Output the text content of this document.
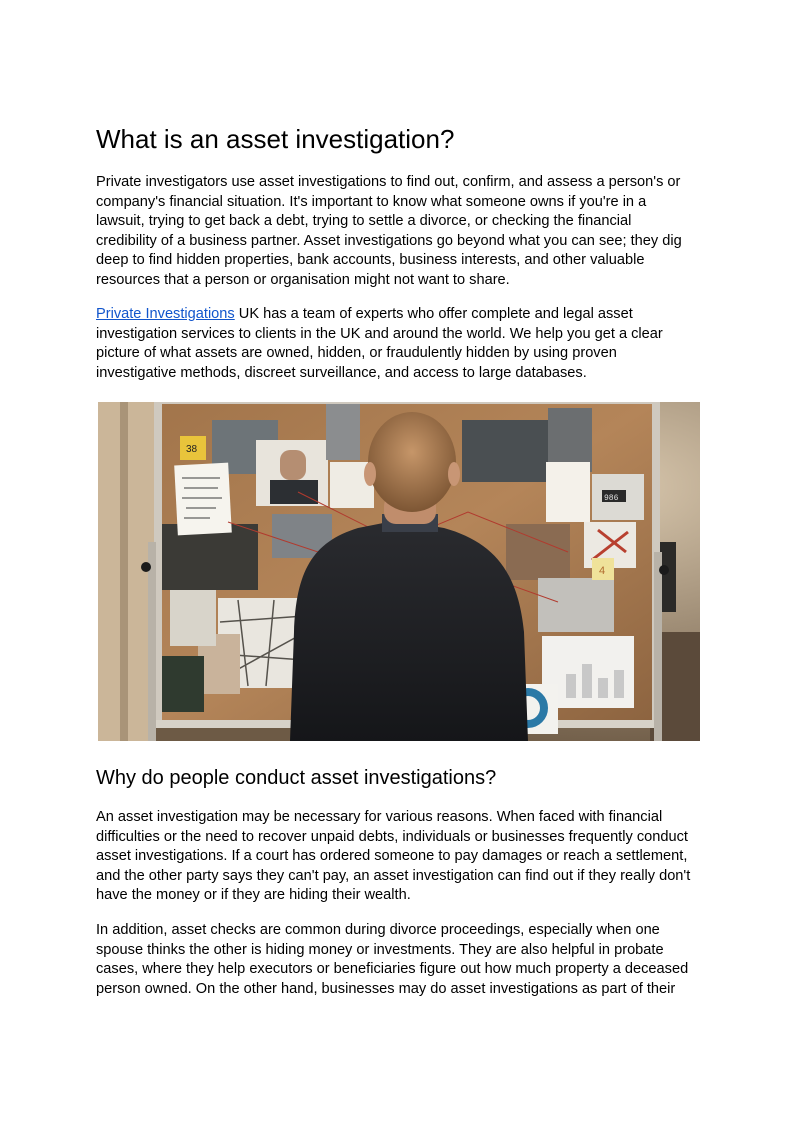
What is an asset investigation?

Private investigators use asset investigations to find out, confirm, and assess a person's or
company's financial situation. It's important to know what someone owns if you're in a
lawsuit, trying to get back a debt, trying to settle a divorce, or checking the financial
credibility of a business partner. Asset investigations go beyond what you can see; they dig
deep to find hidden properties, bank accounts, business interests, and other valuable
resources that a person or organisation might not want to share.

Private Investigations UK has a team of experts who offer complete and legal asset
investigation services to clients in the UK and around the world. We help you get a clear
picture of what assets are owned, hidden, or fraudulently hidden by using proven
investigative methods, discreet surveillance, and access to large databases.

Why do people conduct asset investigations?

An asset investigation may be necessary for various reasons. When faced with financial
difficulties or the need to recover unpaid debts, individuals or businesses frequently conduct
asset investigations. If a court has ordered someone to pay damages or reach a settlement,
and the other party says they can't pay, an asset investigation can find out if they really don't
have the money or if they are hiding their wealth.

In addition, asset checks are common during divorce proceedings, especially when one
spouse thinks the other is hiding money or investments. They are also helpful in probate
cases, where they help executors or beneficiaries figure out how much property a deceased
person owned. On the other hand, businesses may do asset investigations as part of their

38
4
986
